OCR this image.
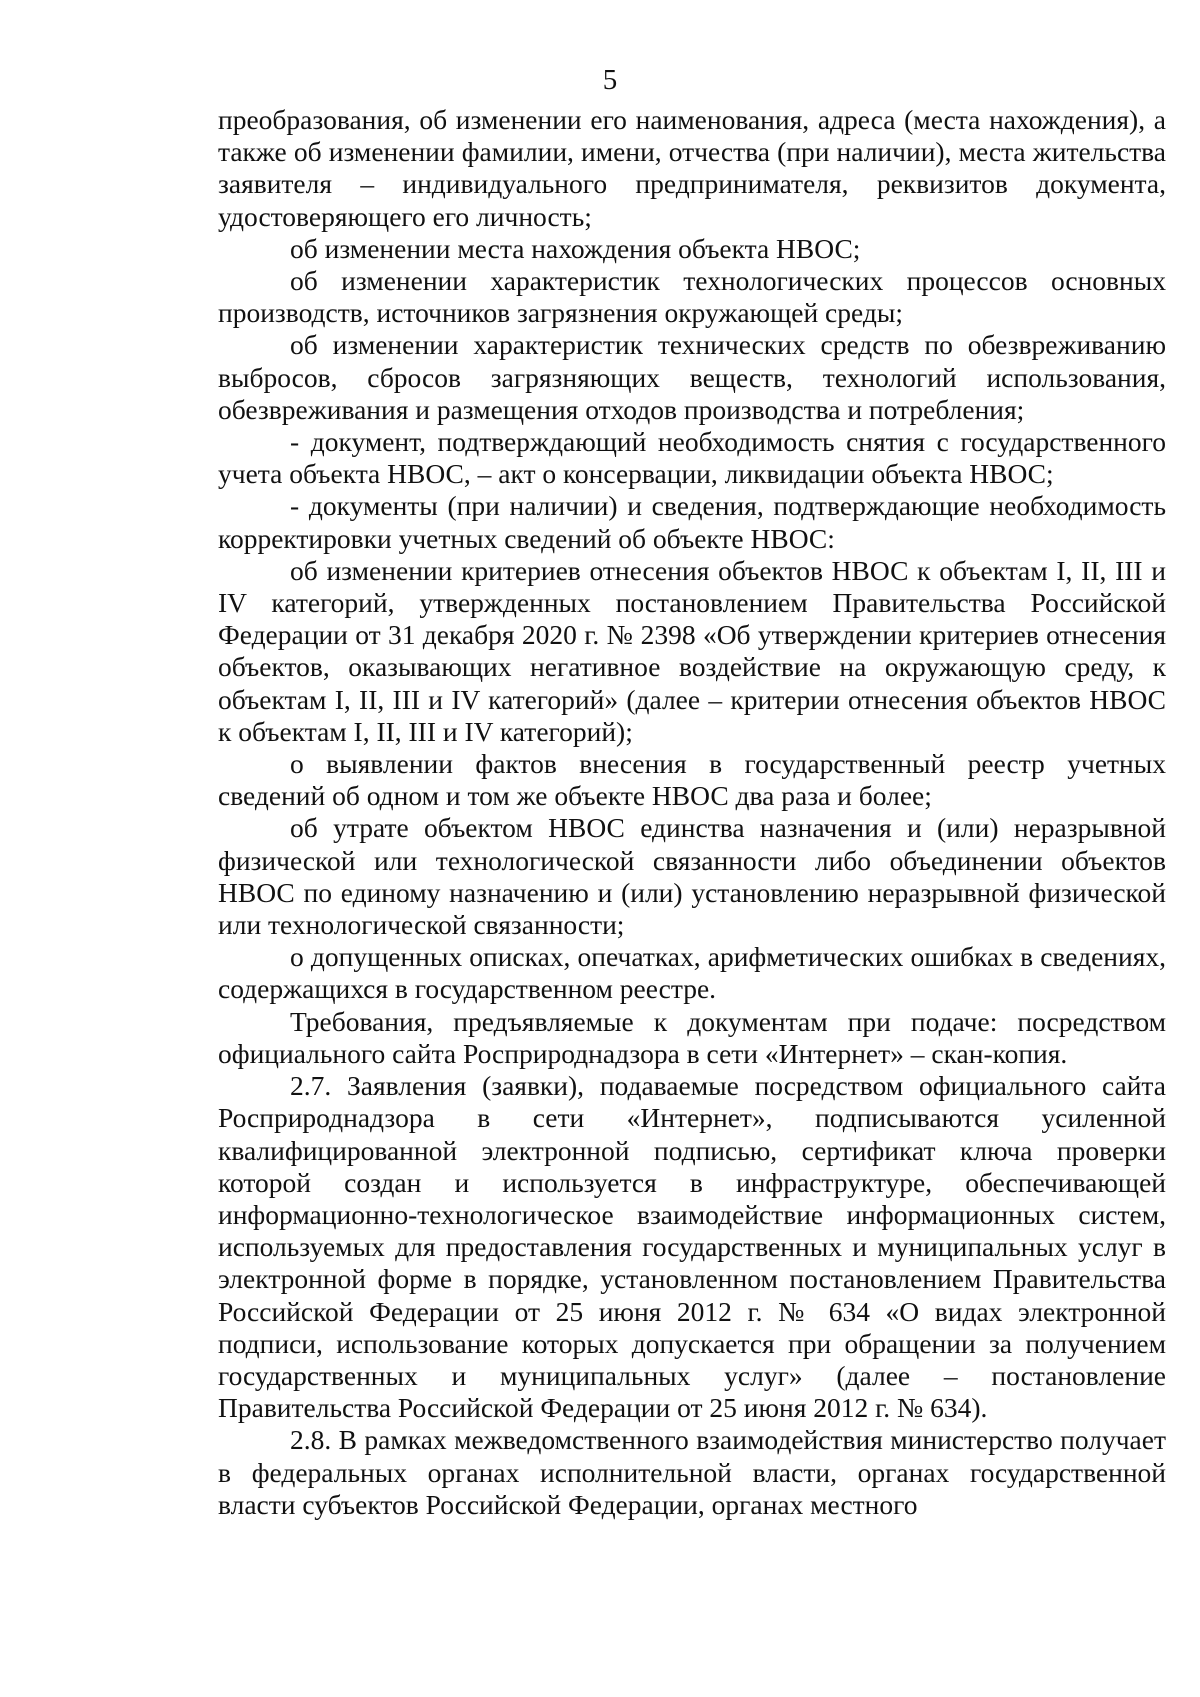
5

преобразования, об изменении его наименования, адреса (места нахождения), а также об изменении фамилии, имени, отчества (при наличии), места жительства заявителя – индивидуального предпринимателя, реквизитов документа, удостоверяющего его личность;

об изменении места нахождения объекта НВОС;

об изменении характеристик технологических процессов основных производств, источников загрязнения окружающей среды;

об изменении характеристик технических средств по обезвреживанию выбросов, сбросов загрязняющих веществ, технологий использования, обезвреживания и размещения отходов производства и потребления;

- документ, подтверждающий необходимость снятия с государственного учета объекта НВОС, – акт о консервации, ликвидации объекта НВОС;

- документы (при наличии) и сведения, подтверждающие необходимость корректировки учетных сведений об объекте НВОС:

об изменении критериев отнесения объектов НВОС к объектам I, II, III и IV категорий, утвержденных постановлением Правительства Российской Федерации от 31 декабря 2020 г. № 2398 «Об утверждении критериев отнесения объектов, оказывающих негативное воздействие на окружающую среду, к объектам I, II, III и IV категорий» (далее – критерии отнесения объектов НВОС к объектам I, II, III и IV категорий);

о выявлении фактов внесения в государственный реестр учетных сведений об одном и том же объекте НВОС два раза и более;

об утрате объектом НВОС единства назначения и (или) неразрывной физической или технологической связанности либо объединении объектов НВОС по единому назначению и (или) установлению неразрывной физической или технологической связанности;

о допущенных описках, опечатках, арифметических ошибках в сведениях, содержащихся в государственном реестре.

Требования, предъявляемые к документам при подаче: посредством официального сайта Росприроднадзора в сети «Интернет» – скан-копия.

2.7. Заявления (заявки), подаваемые посредством официального сайта Росприроднадзора в сети «Интернет», подписываются усиленной квалифицированной электронной подписью, сертификат ключа проверки которой создан и используется в инфраструктуре, обеспечивающей информационно-технологическое взаимодействие информационных систем, используемых для предоставления государственных и муниципальных услуг в электронной форме в порядке, установленном постановлением Правительства Российской Федерации от 25 июня 2012 г. № 634 «О видах электронной подписи, использование которых допускается при обращении за получением государственных и муниципальных услуг» (далее – постановление Правительства Российской Федерации от 25 июня 2012 г. № 634).

2.8. В рамках межведомственного взаимодействия министерство получает в федеральных органах исполнительной власти, органах государственной власти субъектов Российской Федерации, органах местного
